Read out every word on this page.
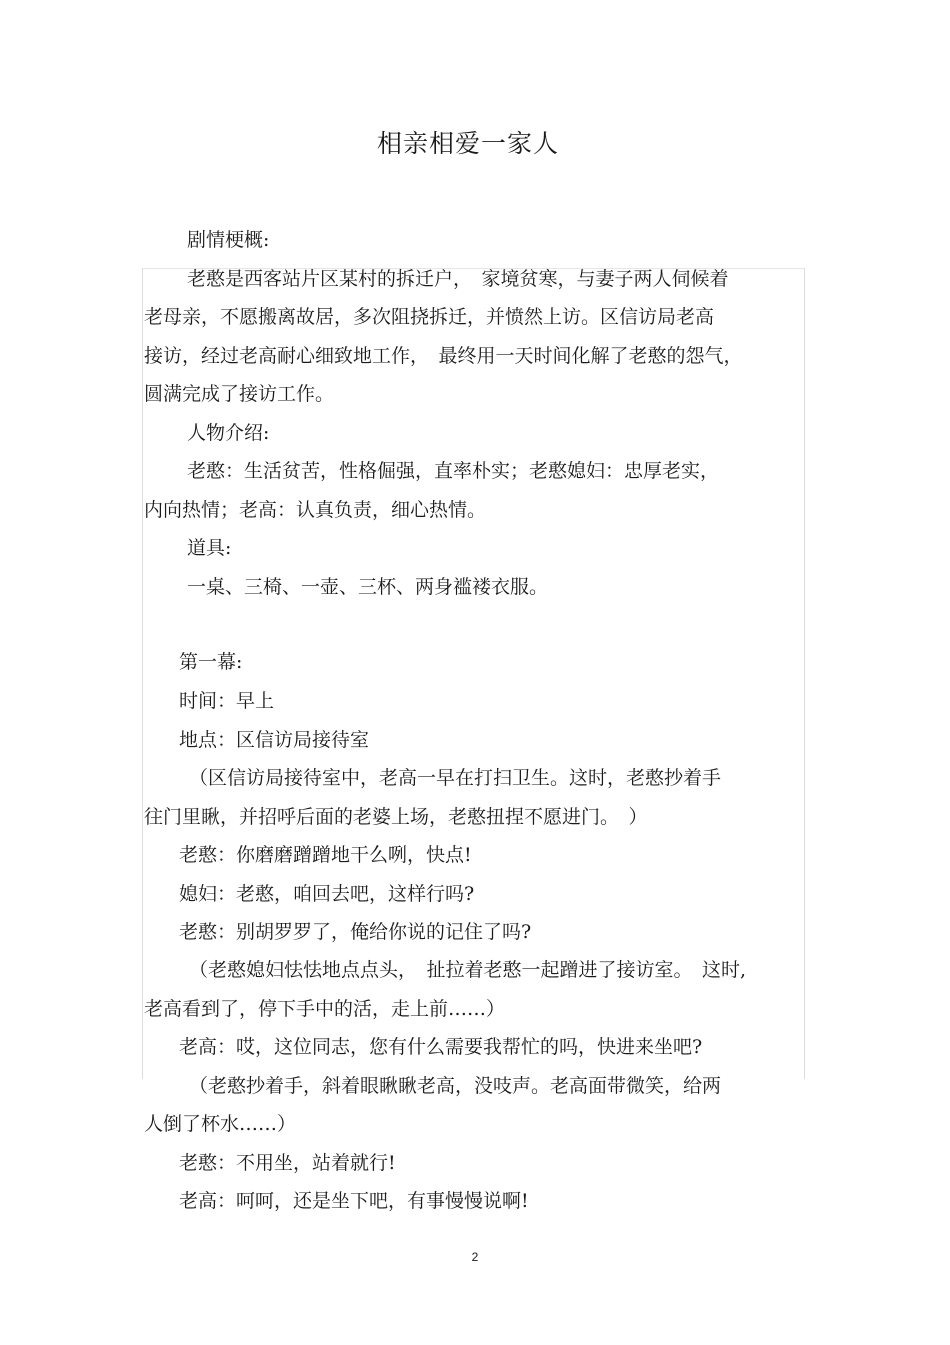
相亲相爱一家人
剧情梗概:
老憨是西客站片区某村的拆迁户，　家境贫寒，与妻子两人伺候着
老母亲，不愿搬离故居，多次阻挠拆迁，并愤然上访。区信访局老高
接访，经过老高耐心细致地工作，　最终用一天时间化解了老憨的怨气，
圆满完成了接访工作。
人物介绍:
老憨：生活贫苦，性格倔强，直率朴实；老憨媳妇：忠厚老实，
内向热情；老高：认真负责，细心热情。
道具:
一桌、三椅、一壶、三杯、两身褴褛衣服。
第一幕:
时间：早上
地点：区信访局接待室
（区信访局接待室中，老高一早在打扫卫生。这时，老憨抄着手
往门里瞅，并招呼后面的老婆上场，老憨扭捏不愿进门。　）
老憨：你磨磨蹭蹭地干么咧，快点!
媳妇：老憨，咱回去吧，这样行吗?
老憨：别胡罗罗了，俺给你说的记住了吗?
（老憨媳妇怯怯地点点头，　扯拉着老憨一起蹭进了接访室。　这时,
老高看到了，停下手中的活，走上前……）
老高：哎，这位同志，您有什么需要我帮忙的吗，快进来坐吧?
（老憨抄着手，斜着眼瞅瞅老高，没吱声。老高面带微笑，给两
人倒了杯水……）
老憨：不用坐，站着就行!
老高：呵呵，还是坐下吧，有事慢慢说啊!
2
